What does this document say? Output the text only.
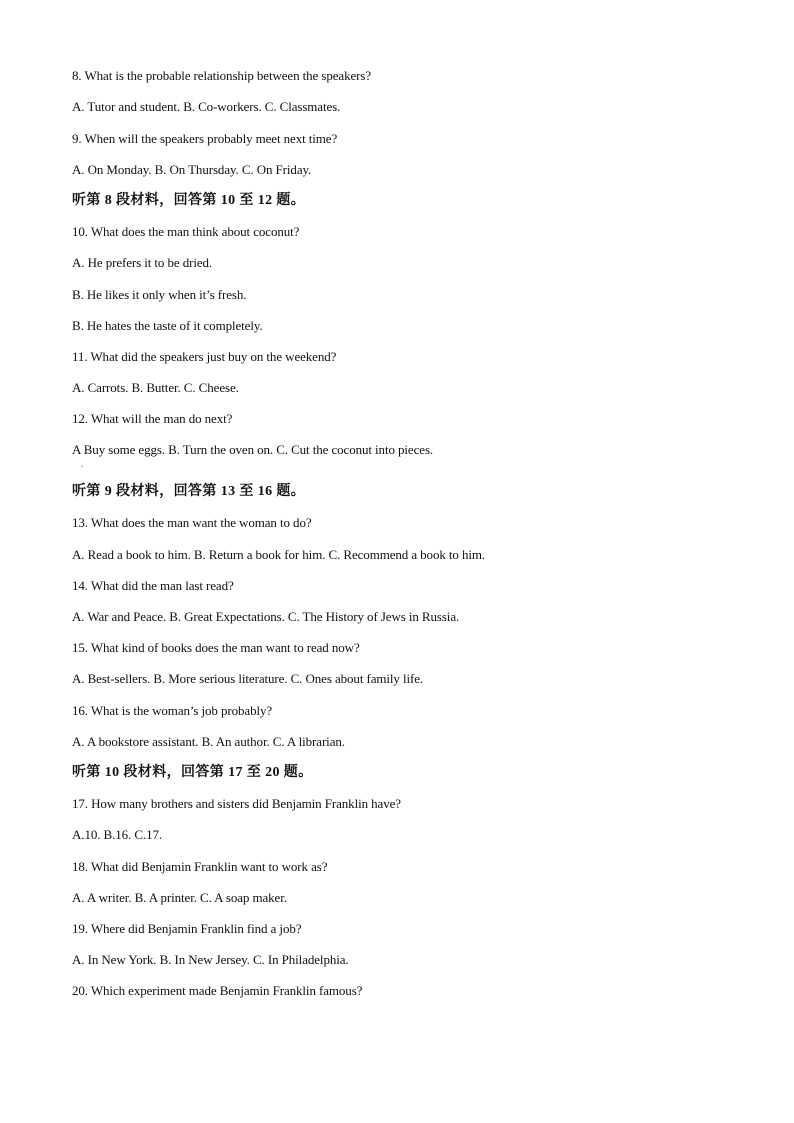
8. What is the probable relationship between the speakers?
A. Tutor and student. B. Co-workers. C. Classmates.
9. When will the speakers probably meet next time?
A. On Monday. B. On Thursday. C. On Friday.
听第 8 段材料，回答第 10 至 12 题。
10. What does the man think about coconut?
A. He prefers it to be dried.
B. He likes it only when it’s fresh.
B. He hates the taste of it completely.
11. What did the speakers just buy on the weekend?
A. Carrots. B. Butter. C. Cheese.
12. What will the man do next?
A Buy some eggs. B. Turn the oven on. C. Cut the coconut into pieces.
.
听第 9 段材料，回答第 13 至 16 题。
13. What does the man want the woman to do?
A. Read a book to him. B. Return a book for him. C. Recommend a book to him.
14. What did the man last read?
A. War and Peace. B. Great Expectations. C. The History of Jews in Russia.
15. What kind of books does the man want to read now?
A. Best-sellers. B. More serious literature. C. Ones about family life.
16. What is the woman’s job probably?
A. A bookstore assistant. B. An author. C. A librarian.
听第 10 段材料，回答第 17 至 20 题。
17. How many brothers and sisters did Benjamin Franklin have?
A.10. B.16. C.17.
18. What did Benjamin Franklin want to work as?
A. A writer. B. A printer. C. A soap maker.
19. Where did Benjamin Franklin find a job?
A. In New York. B. In New Jersey. C. In Philadelphia.
20. Which experiment made Benjamin Franklin famous?
